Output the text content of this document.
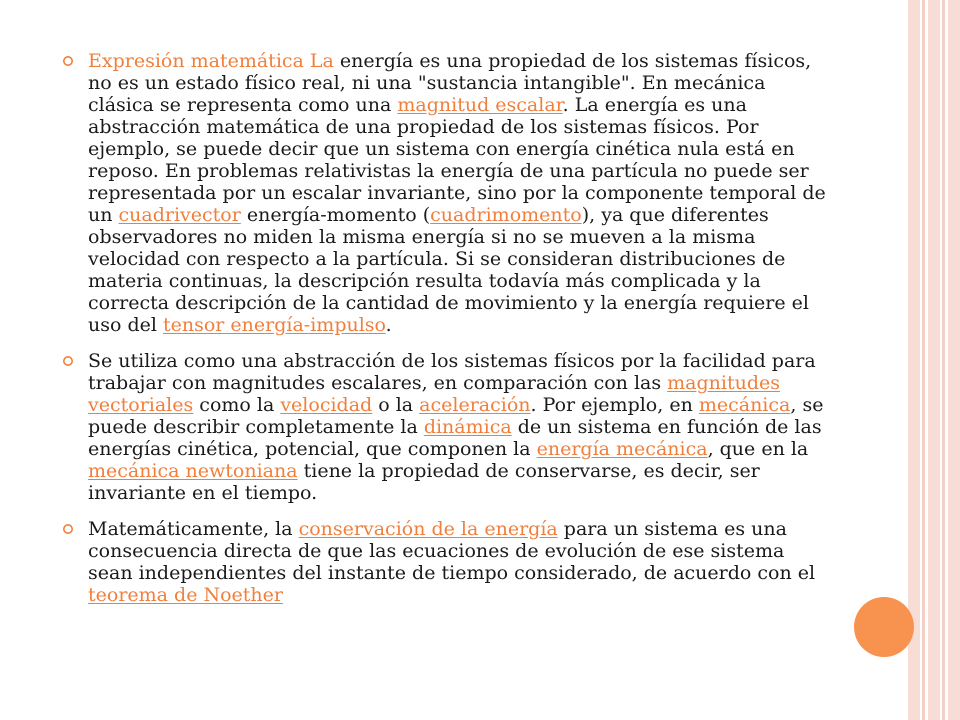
Expresión matemática La energía es una propiedad de los sistemas físicos, no es un estado físico real, ni una "sustancia intangible". En mecánica clásica se representa como una magnitud escalar. La energía es una abstracción matemática de una propiedad de los sistemas físicos. Por ejemplo, se puede decir que un sistema con energía cinética nula está en reposo. En problemas relativistas la energía de una partícula no puede ser representada por un escalar invariante, sino por la componente temporal de un cuadrivector energía-momento (cuadrimomento), ya que diferentes observadores no miden la misma energía si no se mueven a la misma velocidad con respecto a la partícula. Si se consideran distribuciones de materia continuas, la descripción resulta todavía más complicada y la correcta descripción de la cantidad de movimiento y la energía requiere el uso del tensor energía-impulso.
Se utiliza como una abstracción de los sistemas físicos por la facilidad para trabajar con magnitudes escalares, en comparación con las magnitudes vectoriales como la velocidad o la aceleración. Por ejemplo, en mecánica, se puede describir completamente la dinámica de un sistema en función de las energías cinética, potencial, que componen la energía mecánica, que en la mecánica newtoniana tiene la propiedad de conservarse, es decir, ser invariante en el tiempo.
Matemáticamente, la conservación de la energía para un sistema es una consecuencia directa de que las ecuaciones de evolución de ese sistema sean independientes del instante de tiempo considerado, de acuerdo con el teorema de Noether
